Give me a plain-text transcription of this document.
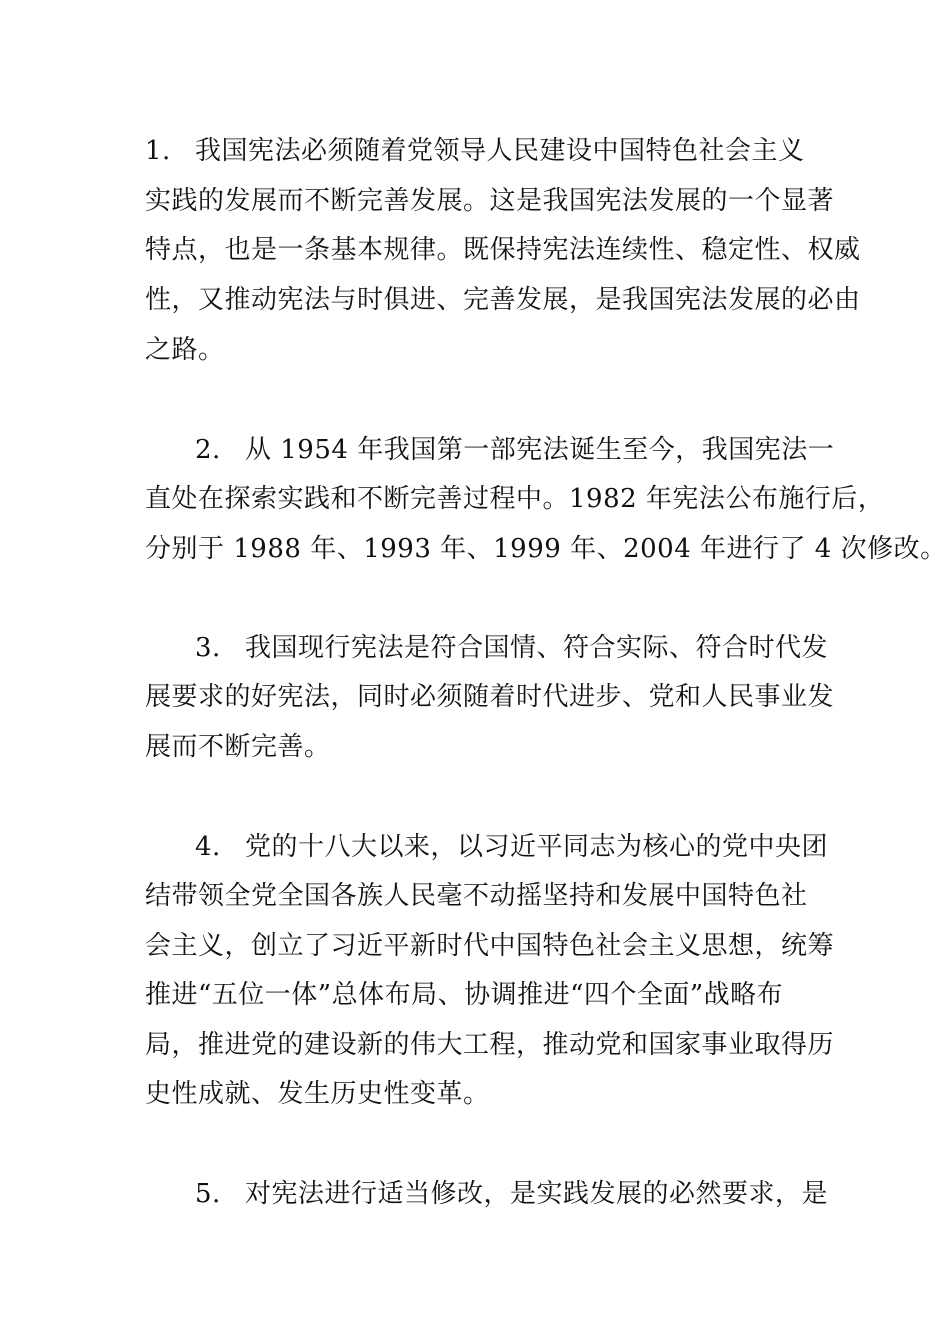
1. 我国宪法必须随着党领导人民建设中国特色社会主义
实践的发展而不断完善发展。这是我国宪法发展的一个显著
特点，也是一条基本规律。既保持宪法连续性、稳定性、权威
性，又推动宪法与时俱进、完善发展，是我国宪法发展的必由
之路。
2. 从 1954 年我国第一部宪法诞生至今，我国宪法一
直处在探索实践和不断完善过程中。1982 年宪法公布施行后，
分别于 1988 年、1993 年、1999 年、2004 年进行了 4 次修改。
3. 我国现行宪法是符合国情、符合实际、符合时代发
展要求的好宪法，同时必须随着时代进步、党和人民事业发
展而不断完善。
4. 党的十八大以来，以习近平同志为核心的党中央团
结带领全党全国各族人民毫不动摇坚持和发展中国特色社
会主义，创立了习近平新时代中国特色社会主义思想，统筹
推进“五位一体”总体布局、协调推进“四个全面”战略布
局，推进党的建设新的伟大工程，推动党和国家事业取得历
史性成就、发生历史性变革。
5. 对宪法进行适当修改，是实践发展的必然要求，是
